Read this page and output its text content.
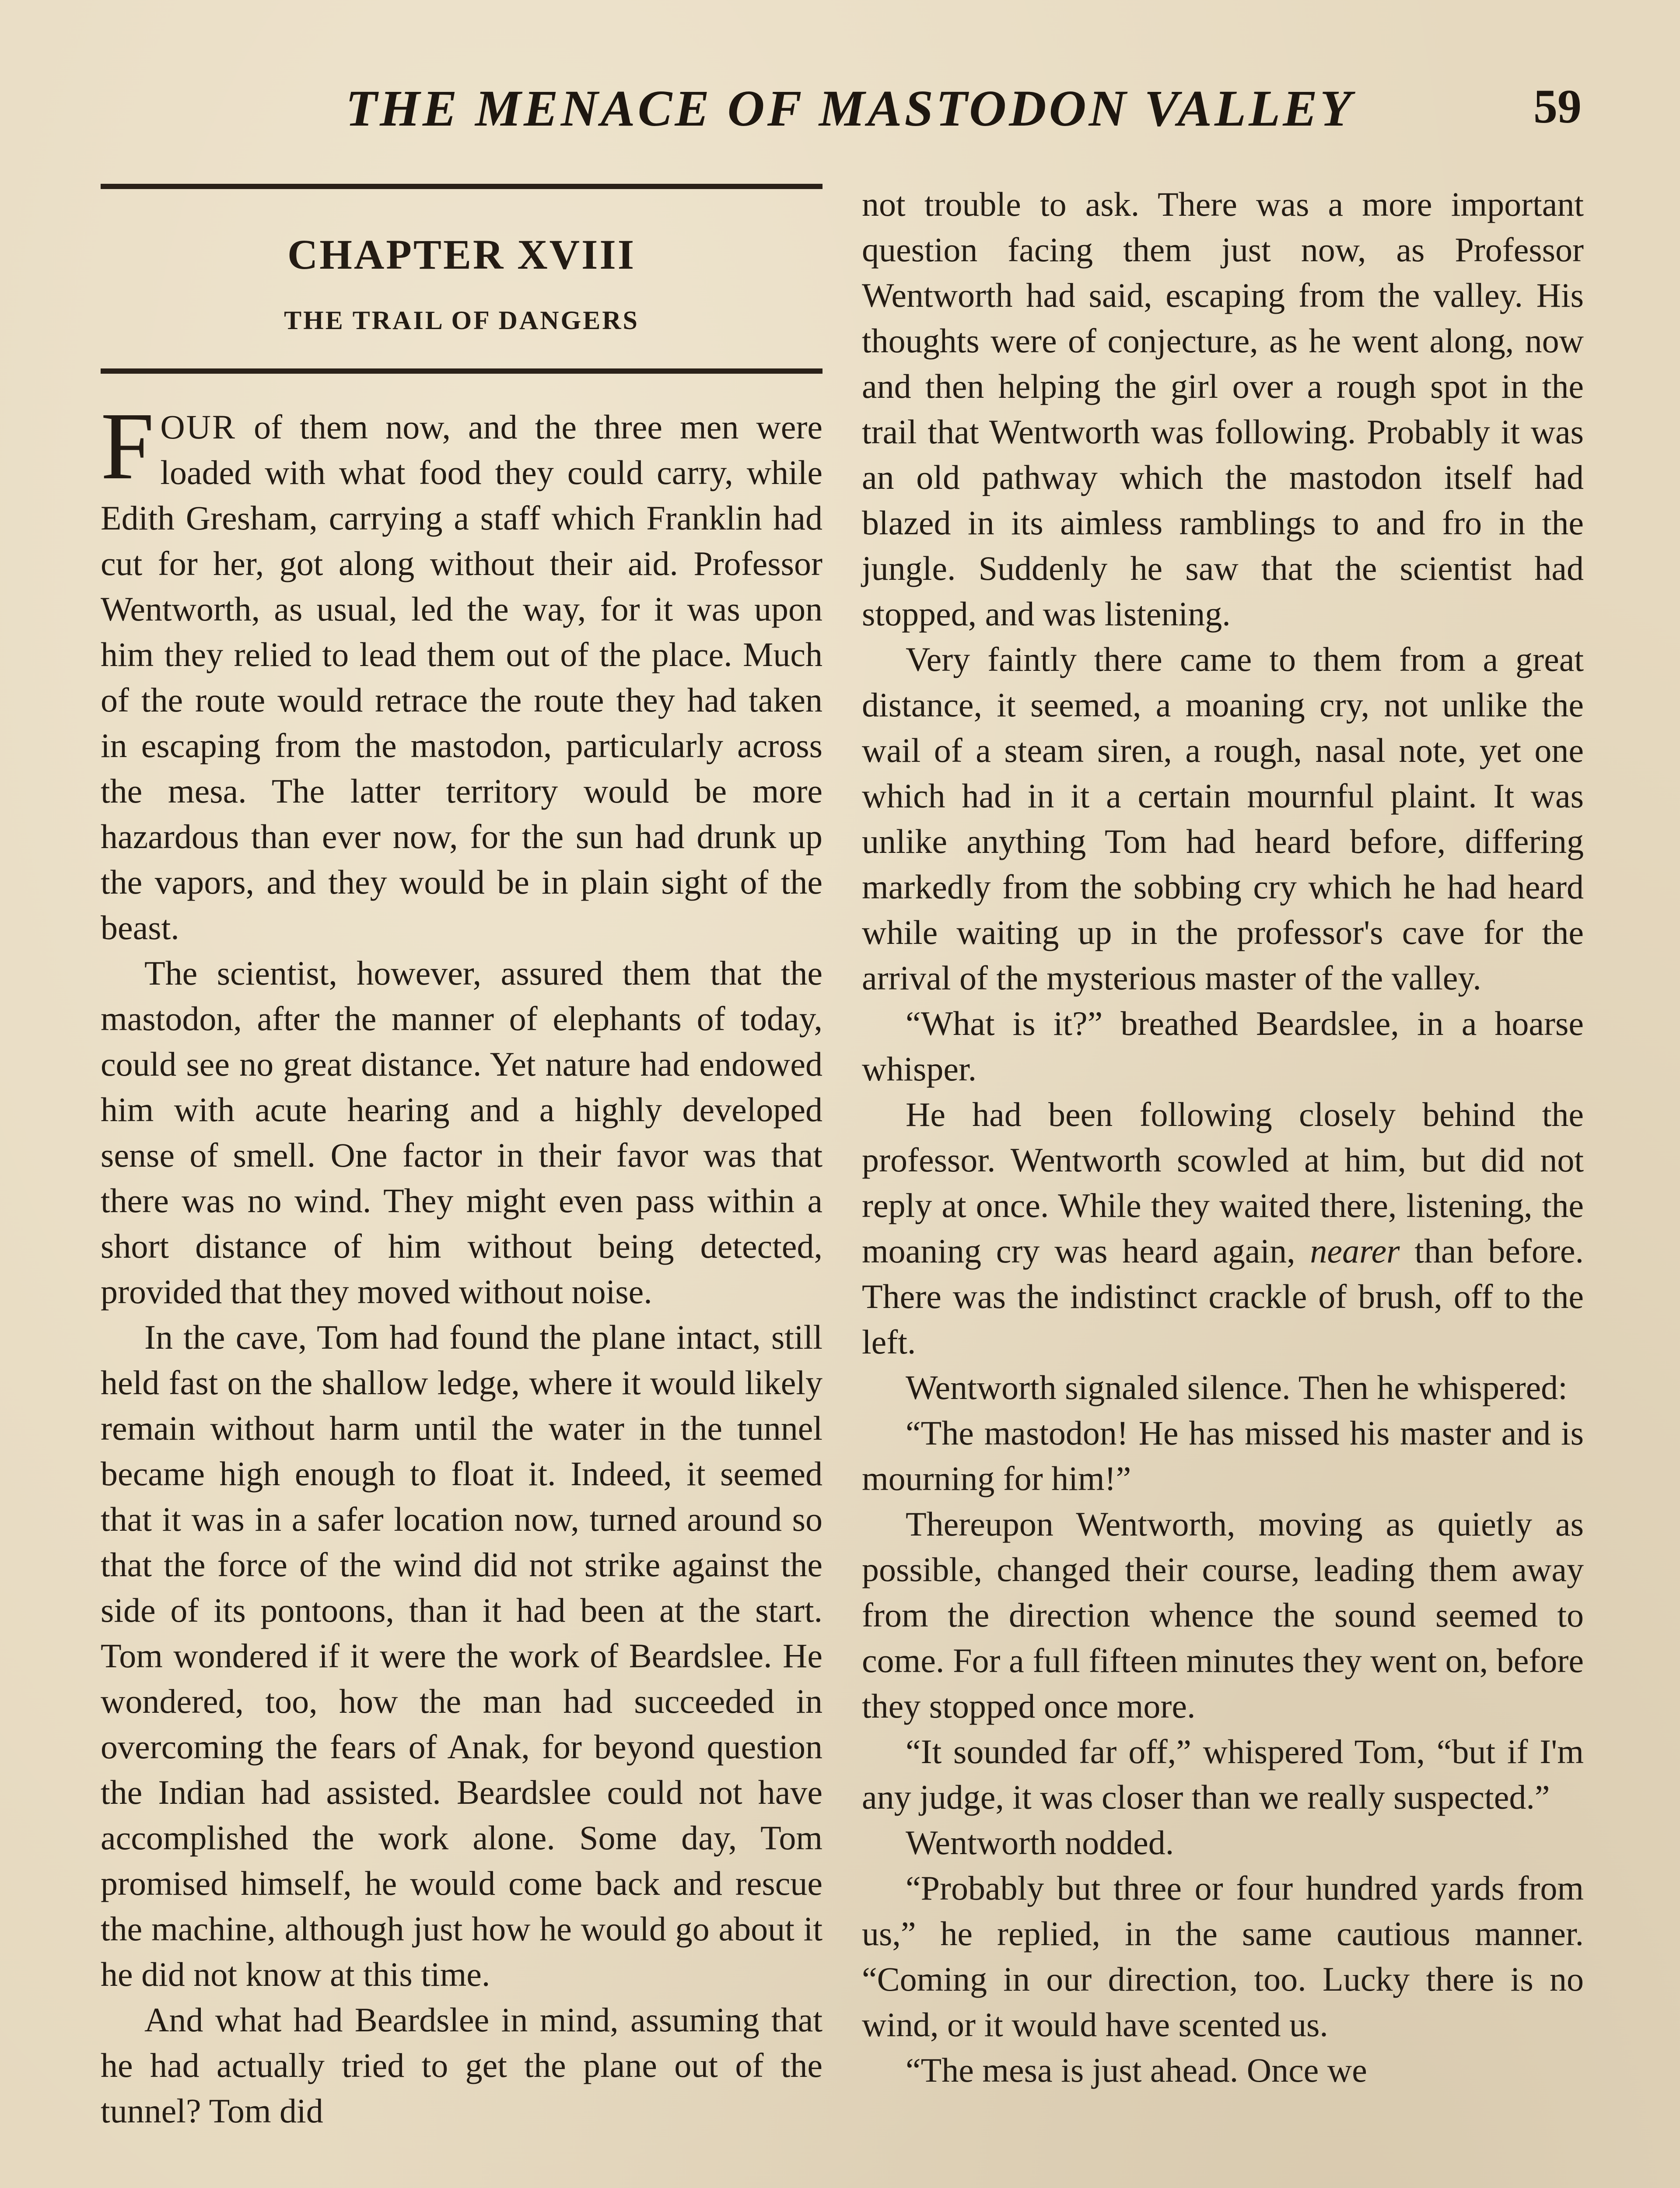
THE MENACE OF MASTODON VALLEY	59
CHAPTER XVIII
THE TRAIL OF DANGERS

FOUR of them now, and the three men were loaded with what food they could carry, while Edith Gresham, carrying a staff which Franklin had cut for her, got along without their aid. Professor Wentworth, as usual, led the way, for it was upon him they relied to lead them out of the place. Much of the route would retrace the route they had taken in escaping from the mastodon, particularly across the mesa. The latter territory would be more hazardous than ever now, for the sun had drunk up the vapors, and they would be in plain sight of the beast.

The scientist, however, assured them that the mastodon, after the manner of elephants of today, could see no great distance. Yet nature had endowed him with acute hearing and a highly developed sense of smell. One factor in their favor was that there was no wind. They might even pass within a short distance of him without being detected, provided that they moved without noise.

In the cave, Tom had found the plane intact, still held fast on the shallow ledge, where it would likely remain without harm until the water in the tunnel became high enough to float it. Indeed, it seemed that it was in a safer location now, turned around so that the force of the wind did not strike against the side of its pontoons, than it had been at the start. Tom wondered if it were the work of Beardslee. He wondered, too, how the man had succeeded in overcoming the fears of Anak, for beyond question the Indian had assisted. Beardslee could not have accomplished the work alone. Some day, Tom promised himself, he would come back and rescue the machine, although just how he would go about it he did not know at this time.

And what had Beardslee in mind, assuming that he had actually tried to get the plane out of the tunnel? Tom did

not trouble to ask. There was a more important question facing them just now, as Professor Wentworth had said, escaping from the valley. His thoughts were of conjecture, as he went along, now and then helping the girl over a rough spot in the trail that Wentworth was following. Probably it was an old pathway which the mastodon itself had blazed in its aimless ramblings to and fro in the jungle. Suddenly he saw that the scientist had stopped, and was listening.

Very faintly there came to them from a great distance, it seemed, a moaning cry, not unlike the wail of a steam siren, a rough, nasal note, yet one which had in it a certain mournful plaint. It was unlike anything Tom had heard before, differing markedly from the sobbing cry which he had heard while waiting up in the professor's cave for the arrival of the mysterious master of the valley.

“What is it?” breathed Beardslee, in a hoarse whisper.

He had been following closely behind the professor. Wentworth scowled at him, but did not reply at once. While they waited there, listening, the moaning cry was heard again, nearer than before. There was the indistinct crackle of brush, off to the left.

Wentworth signaled silence. Then he whispered:

“The mastodon! He has missed his master and is mourning for him!”

Thereupon Wentworth, moving as quietly as possible, changed their course, leading them away from the direction whence the sound seemed to come. For a full fifteen minutes they went on, before they stopped once more.

“It sounded far off,” whispered Tom, “but if I'm any judge, it was closer than we really suspected.”

Wentworth nodded.

“Probably but three or four hundred yards from us,” he replied, in the same cautious manner. “Coming in our direction, too. Lucky there is no wind, or it would have scented us.

“The mesa is just ahead. Once we
